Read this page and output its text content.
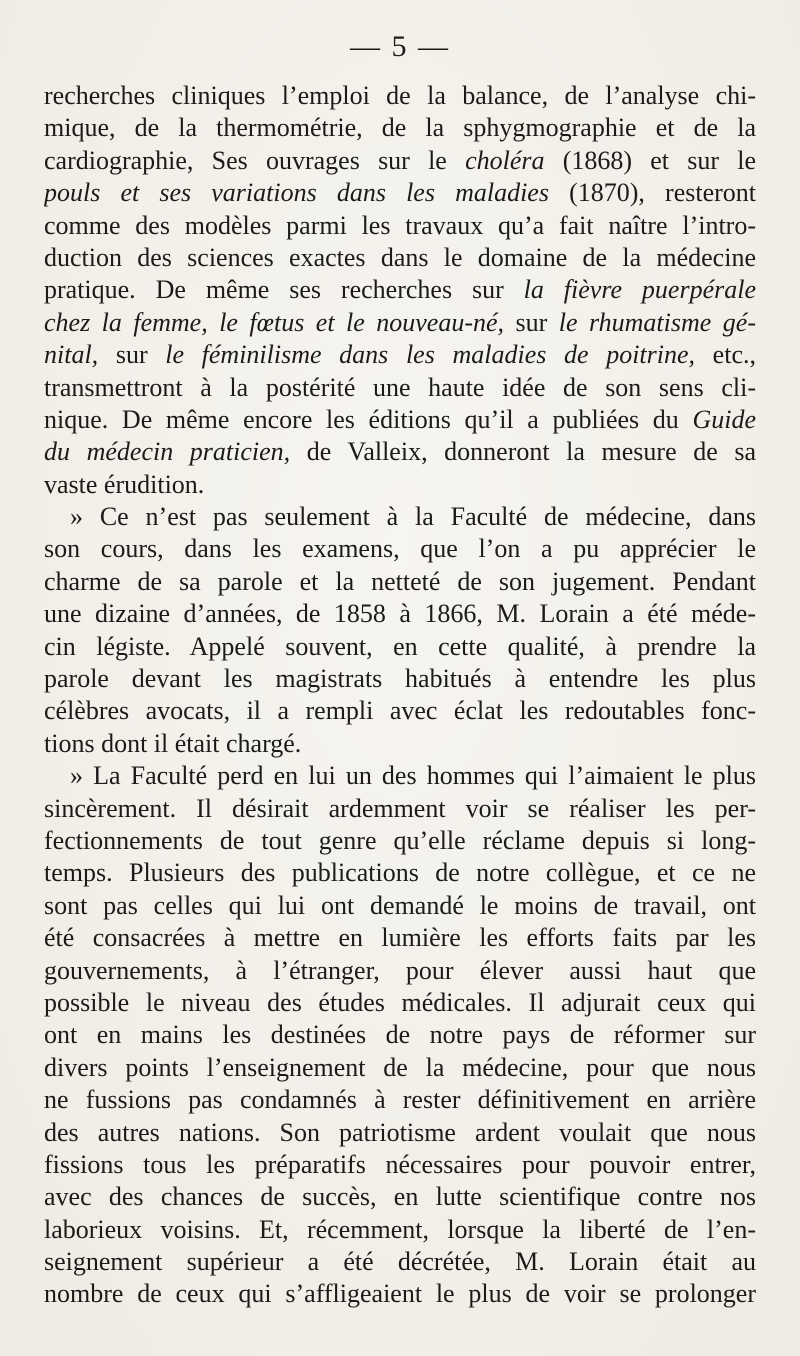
— 5 —
recherches cliniques l’emploi de la balance, de l’analyse chi-
mique, de la thermométrie, de la sphygmographie et de la
cardiographie, Ses ouvrages sur le choléra (1868) et sur le
pouls et ses variations dans les maladies (1870), resteront
comme des modèles parmi les travaux qu’a fait naître l’intro-
duction des sciences exactes dans le domaine de la médecine
pratique. De même ses recherches sur la fièvre puerpérale
chez la femme, le fœtus et le nouveau-né, sur le rhumatisme gé-
nital, sur le féminilisme dans les maladies de poitrine, etc.,
transmettront à la postérité une haute idée de son sens cli-
nique. De même encore les éditions qu’il a publiées du Guide
du médecin praticien, de Valleix, donneront la mesure de sa
vaste érudition.
» Ce n’est pas seulement à la Faculté de médecine, dans
son cours, dans les examens, que l’on a pu apprécier le
charme de sa parole et la netteté de son jugement. Pendant
une dizaine d’années, de 1858 à 1866, M. Lorain a été méde-
cin légiste. Appelé souvent, en cette qualité, à prendre la
parole devant les magistrats habitués à entendre les plus
célèbres avocats, il a rempli avec éclat les redoutables fonc-
tions dont il était chargé.
» La Faculté perd en lui un des hommes qui l’aimaient le plus
sincèrement. Il désirait ardemment voir se réaliser les per-
fectionnements de tout genre qu’elle réclame depuis si long-
temps. Plusieurs des publications de notre collègue, et ce ne
sont pas celles qui lui ont demandé le moins de travail, ont
été consacrées à mettre en lumière les efforts faits par les
gouvernements, à l’étranger, pour élever aussi haut que
possible le niveau des études médicales. Il adjurait ceux qui
ont en mains les destinées de notre pays de réformer sur
divers points l’enseignement de la médecine, pour que nous
ne fussions pas condamnés à rester définitivement en arrière
des autres nations. Son patriotisme ardent voulait que nous
fissions tous les préparatifs nécessaires pour pouvoir entrer,
avec des chances de succès, en lutte scientifique contre nos
laborieux voisins. Et, récemment, lorsque la liberté de l’en-
seignement supérieur a été décrétée, M. Lorain était au
nombre de ceux qui s’affligeaient le plus de voir se prolonger
